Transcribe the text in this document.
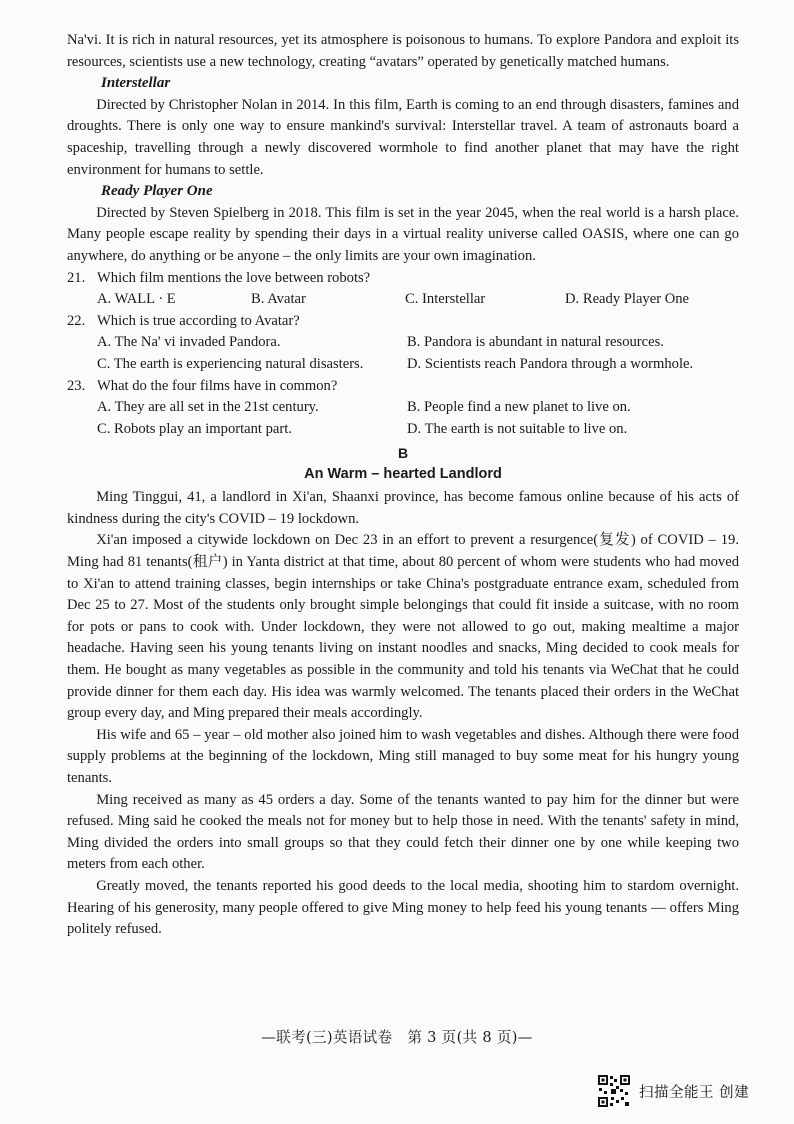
Na'vi. It is rich in natural resources, yet its atmosphere is poisonous to humans. To explore Pandora and exploit its resources, scientists use a new technology, creating “avatars” operated by genetically matched humans.

Interstellar

Directed by Christopher Nolan in 2014. In this film, Earth is coming to an end through disasters, famines and droughts. There is only one way to ensure mankind's survival: Interstellar travel. A team of astronauts board a spaceship, travelling through a newly discovered wormhole to find another planet that may have the right environment for humans to settle.

Ready Player One

Directed by Steven Spielberg in 2018. This film is set in the year 2045, when the real world is a harsh place. Many people escape reality by spending their days in a virtual reality universe called OASIS, where one can go anywhere, do anything or be anyone – the only limits are your own imagination.

21. Which film mentions the love between robots?
A. WALL · E	B. Avatar	C. Interstellar	D. Ready Player One
22. Which is true according to Avatar?
A. The Na' vi invaded Pandora.	B. Pandora is abundant in natural resources.
C. The earth is experiencing natural disasters.	D. Scientists reach Pandora through a wormhole.
23. What do the four films have in common?
A. They are all set in the 21st century.	B. People find a new planet to live on.
C. Robots play an important part.	D. The earth is not suitable to live on.
B
An Warm – hearted Landlord

Ming Tinggui, 41, a landlord in Xi'an, Shaanxi province, has become famous online because of his acts of kindness during the city's COVID – 19 lockdown.

Xi'an imposed a citywide lockdown on Dec 23 in an effort to prevent a resurgence(复发) of COVID – 19. Ming had 81 tenants(租户) in Yanta district at that time, about 80 percent of whom were students who had moved to Xi'an to attend training classes, begin internships or take China's postgraduate entrance exam, scheduled from Dec 25 to 27. Most of the students only brought simple belongings that could fit inside a suitcase, with no room for pots or pans to cook with. Under lockdown, they were not allowed to go out, making mealtime a major headache. Having seen his young tenants living on instant noodles and snacks, Ming decided to cook meals for them. He bought as many vegetables as possible in the community and told his tenants via WeChat that he could provide dinner for them each day. His idea was warmly welcomed. The tenants placed their orders in the WeChat group every day, and Ming prepared their meals accordingly.

His wife and 65 – year – old mother also joined him to wash vegetables and dishes. Although there were food supply problems at the beginning of the lockdown, Ming still managed to buy some meat for his hungry young tenants.

Ming received as many as 45 orders a day. Some of the tenants wanted to pay him for the dinner but were refused. Ming said he cooked the meals not for money but to help those in need. With the tenants' safety in mind, Ming divided the orders into small groups so that they could fetch their dinner one by one while keeping two meters from each other.

Greatly moved, the tenants reported his good deeds to the local media, shooting him to stardom overnight. Hearing of his generosity, many people offered to give Ming money to help feed his young tenants — offers Ming politely refused.

—联考(三)英语试卷　第 3 页(共 8 页)—
扫描全能王 创建
